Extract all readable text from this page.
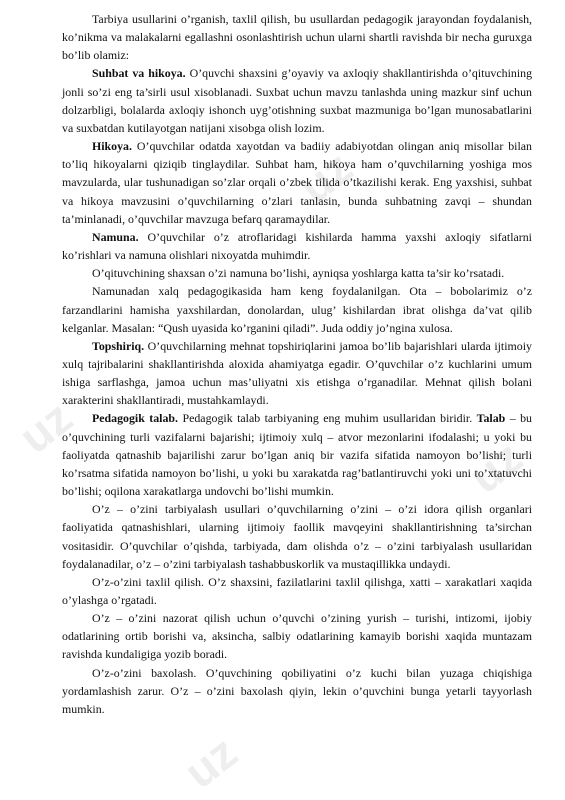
uz
uz
uz
uz

Tarbiya usullarini o’rganish, taxlil qilish, bu usullardan pedagogik jarayondan foydalanish, ko’nikma va malakalarni egallashni osonlashtirish uchun ularni shartli ravishda bir necha guruxga bo’lib olamiz:

Suhbat va hikoya. O’quvchi shaxsini g’oyaviy va axloqiy shakllantirishda o’qituvchining jonli so’zi eng ta’sirli usul xisoblanadi. Suxbat uchun mavzu tanlashda uning mazkur sinf uchun dolzarbligi, bolalarda axloqiy ishonch uyg’otishning suxbat mazmuniga bo’lgan munosabatlarini va suxbatdan kutilayotgan natijani xisobga olish lozim.

Hikoya. O’quvchilar odatda xayotdan va badiiy adabiyotdan olingan aniq misollar bilan to’liq hikoyalarni qiziqib tinglaydilar. Suhbat ham, hikoya ham o’quvchilarning yoshiga mos mavzularda, ular tushunadigan so’zlar orqali o’zbek tilida o’tkazilishi kerak. Eng yaxshisi, suhbat va hikoya mavzusini o’quvchilarning o’zlari tanlasin, bunda suhbatning zavqi – shundan ta’minlanadi, o’quvchilar mavzuga befarq qaramaydilar.

Namuna. O’quvchilar o’z atroflaridagi kishilarda hamma yaxshi axloqiy sifatlarni ko’rishlari va namuna olishlari nixoyatda muhimdir.

O’qituvchining shaxsan o’zi namuna bo’lishi, ayniqsa yoshlarga katta ta’sir ko’rsatadi.

Namunadan xalq pedagogikasida ham keng foydalanilgan. Ota – bobolarimiz o’z farzandlarini hamisha yaxshilardan, donolardan, ulug’ kishilardan ibrat olishga da’vat qilib kelganlar. Masalan: “Qush uyasida ko’rganini qiladi”. Juda oddiy jo’ngina xulosa.

Topshiriq. O’quvchilarning mehnat topshiriqlarini jamoa bo’lib bajarishlari ularda ijtimoiy xulq tajribalarini shakllantirishda aloxida ahamiyatga egadir. O’quvchilar o’z kuchlarini umum ishiga sarflashga, jamoa uchun mas’uliyatni xis etishga o’rganadilar. Mehnat qilish bolani xarakterini shakllantiradi, mustahkamlaydi.

Pedagogik talab. Pedagogik talab tarbiyaning eng muhim usullaridan biridir. Talab – bu o’quvchining turli vazifalarni bajarishi; ijtimoiy xulq – atvor mezonlarini ifodalashi; u yoki bu faoliyatda qatnashib bajarilishi zarur bo’lgan aniq bir vazifa sifatida namoyon bo’lishi; turli ko’rsatma sifatida namoyon bo’lishi, u yoki bu xarakatda rag’batlantiruvchi yoki uni to’xtatuvchi bo’lishi; oqilona xarakatlarga undovchi bo’lishi mumkin.

O’z – o’zini tarbiyalash usullari o’quvchilarning o’zini – o’zi idora qilish organlari faoliyatida qatnashishlari, ularning ijtimoiy faollik mavqeyini shakllantirishning ta’sirchan vositasidir. O’quvchilar o’qishda, tarbiyada, dam olishda o’z – o’zini tarbiyalash usullaridan foydalanadilar, o’z – o’zini tarbiyalash tashabbuskorlik va mustaqillikka undaydi.

O’z-o’zini taxlil qilish. O’z shaxsini, fazilatlarini taxlil qilishga, xatti – xarakatlari xaqida o’ylashga o’rgatadi.

O’z – o’zini nazorat qilish uchun o’quvchi o’zining yurish – turishi, intizomi, ijobiy odatlarining ortib borishi va, aksincha, salbiy odatlarining kamayib borishi xaqida muntazam ravishda kundaligiga yozib boradi.

O’z-o’zini baxolash. O’quvchining qobiliyatini o’z kuchi bilan yuzaga chiqishiga yordamlashish zarur. O’z – o’zini baxolash qiyin, lekin o’quvchini bunga yetarli tayyorlash mumkin.
